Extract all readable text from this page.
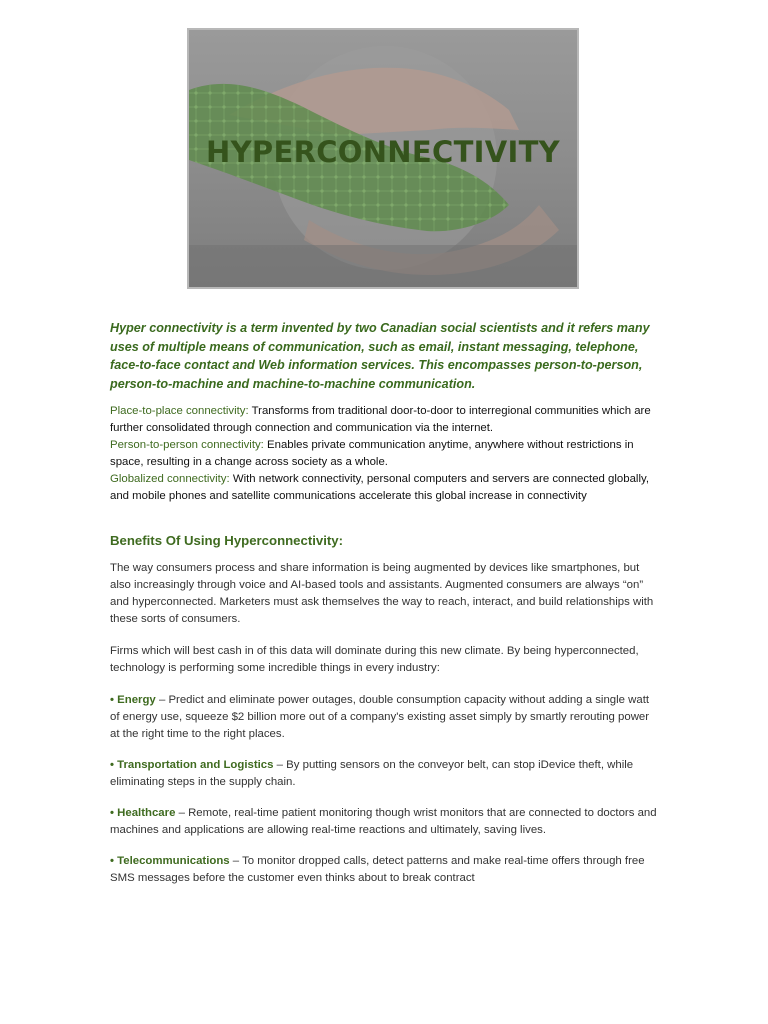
HYPERCONNECTIVITY

Hyper connectivity is a term invented by two Canadian social scientists and it refers many uses of multiple means of communication, such as email, instant messaging, telephone, face-to-face contact and Web information services. This encompasses person-to-person, person-to-machine and machine-to-machine communication.

Place-to-place connectivity: Transforms from traditional door-to-door to interregional communities which are further consolidated through connection and communication via the internet.

Person-to-person connectivity: Enables private communication anytime, anywhere without restrictions in space, resulting in a change across society as a whole.

Globalized connectivity: With network connectivity, personal computers and servers are connected globally, and mobile phones and satellite communications accelerate this global increase in connectivity

Benefits Of Using Hyperconnectivity:

The way consumers process and share information is being augmented by devices like smartphones, but also increasingly through voice and AI-based tools and assistants. Augmented consumers are always “on” and hyperconnected. Marketers must ask themselves the way to reach, interact, and build relationships with these sorts of consumers.

Firms which will best cash in of this data will dominate during this new climate. By being hyperconnected, technology is performing some incredible things in every industry:

• Energy – Predict and eliminate power outages, double consumption capacity without adding a single watt of energy use, squeeze $2 billion more out of a company's existing asset simply by smartly rerouting power at the right time to the right places.

• Transportation and Logistics – By putting sensors on the conveyor belt, can stop iDevice theft, while eliminating steps in the supply chain.

• Healthcare – Remote, real-time patient monitoring though wrist monitors that are connected to doctors and machines and applications are allowing real-time reactions and ultimately, saving lives.

• Telecommunications – To monitor dropped calls, detect patterns and make real-time offers through free SMS messages before the customer even thinks about to break contract
